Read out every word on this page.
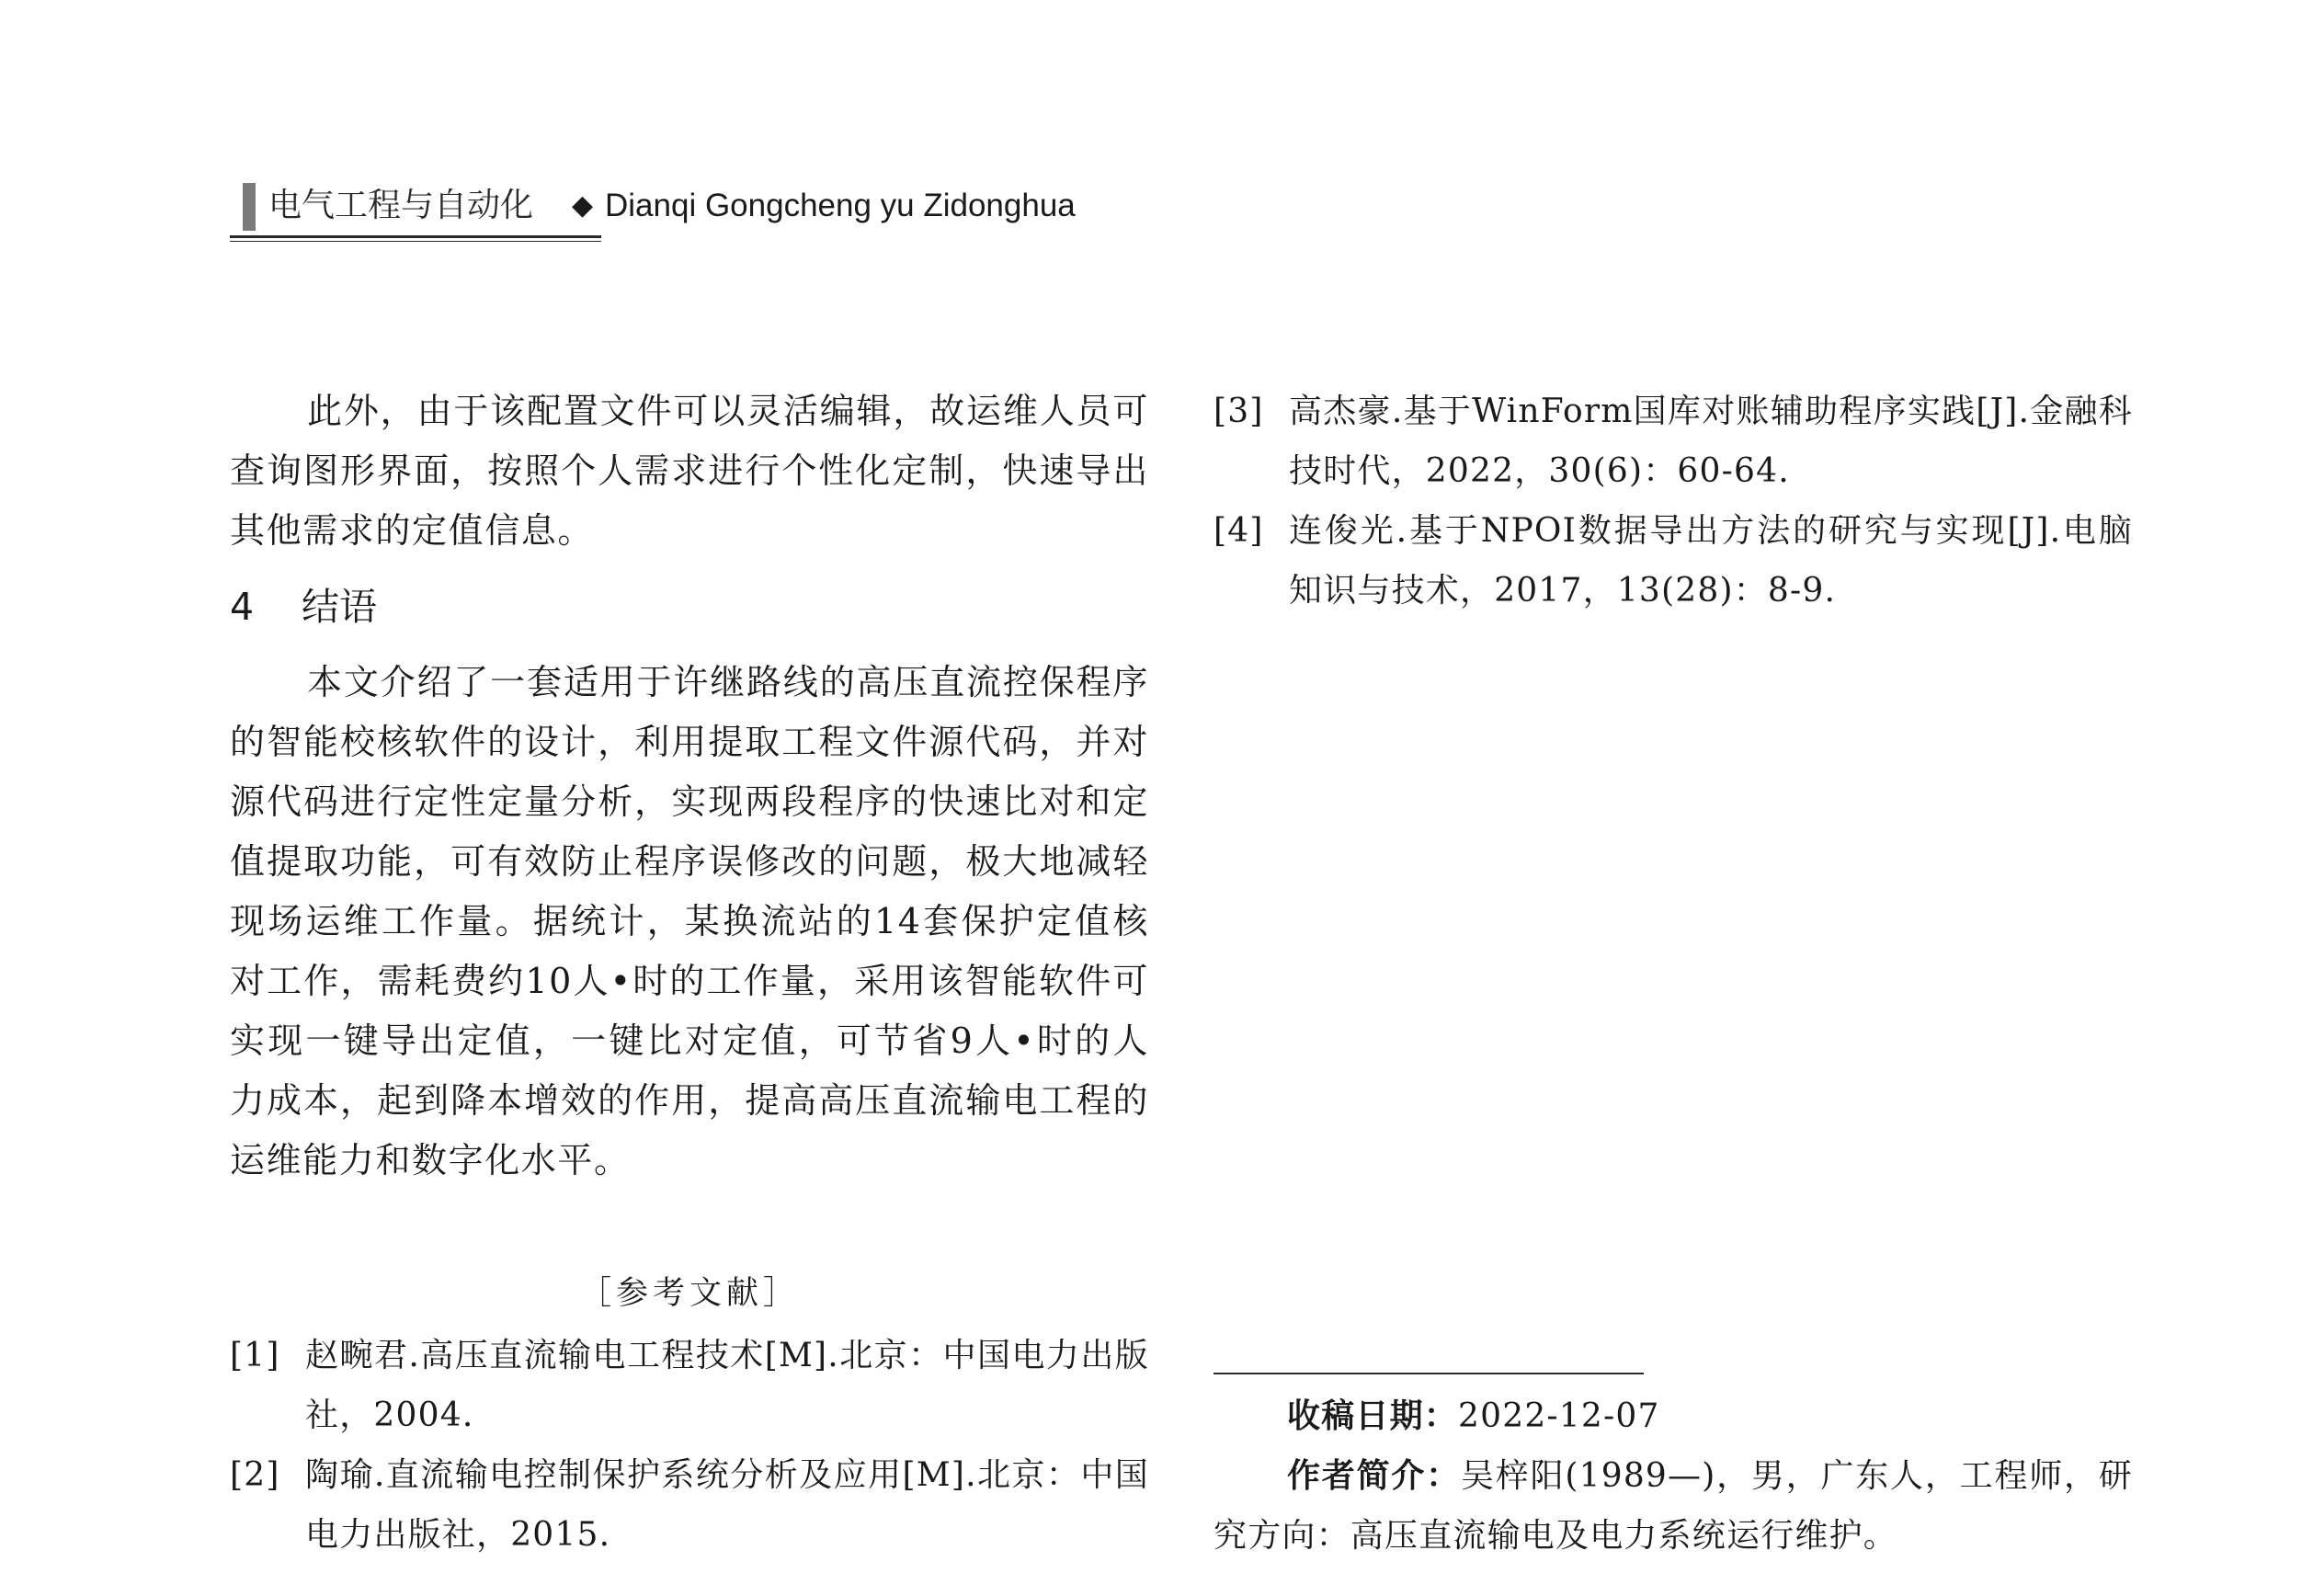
电气工程与自动化 ◆ Dianqi Gongcheng yu Zidonghua

此外，由于该配置文件可以灵活编辑，故运维人员可查询图形界面，按照个人需求进行个性化定制，快速导出其他需求的定值信息。

4 结语

本文介绍了一套适用于许继路线的高压直流控保程序的智能校核软件的设计，利用提取工程文件源代码，并对源代码进行定性定量分析，实现两段程序的快速比对和定值提取功能，可有效防止程序误修改的问题，极大地减轻现场运维工作量。据统计，某换流站的14套保护定值核对工作，需耗费约10人•时的工作量，采用该智能软件可实现一键导出定值，一键比对定值，可节省9人•时的人力成本，起到降本增效的作用，提高高压直流输电工程的运维能力和数字化水平。

［参考文献］
[1] 赵畹君.高压直流输电工程技术[M].北京：中国电力出版社，2004.
[2] 陶瑜.直流输电控制保护系统分析及应用[M].北京：中国电力出版社，2015.
[3] 高杰豪.基于WinForm国库对账辅助程序实践[J].金融科技时代，2022，30(6)：60-64.
[4] 连俊光.基于NPOI数据导出方法的研究与实现[J].电脑知识与技术，2017，13(28)：8-9.
收稿日期：2022-12-07
作者简介：吴梓阳(1989—)，男，广东人，工程师，研究方向：高压直流输电及电力系统运行维护。
